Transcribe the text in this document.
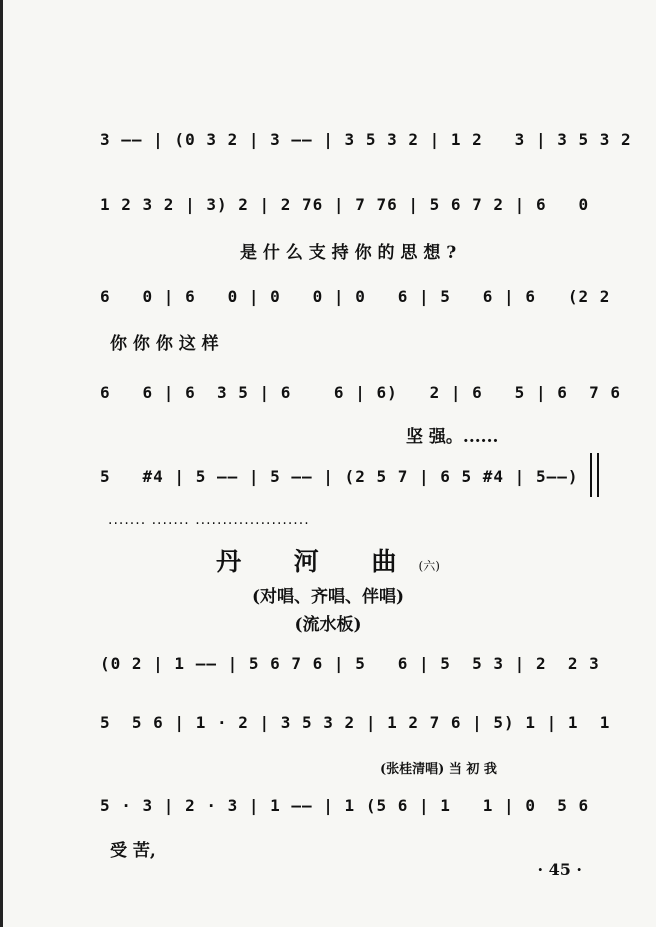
3 —— | (0 3 2 | 3 —— | 3 5 3 2 | 1 2   3 | 3 5 3 2
1 2 3 2 | 3) 2 | 2 76 | 7 76 | 5 6 7 2 | 6   0
是 什 么 支 持 你 的 思 想 ?
6   0 | 6   0 | 0   0 | 0   6 | 5   6 | 6   (2 2
你 你 你 这 样
6   6 | 6  3 5 | 6    6 | 6)   2 | 6   5 | 6  7 6
坚 强。......
5   #4 | 5 —— | 5 —— | (2 5 7 | 6 5 #4 | 5——)
....... ....... .....................
丹 河 曲(六)
(对唱、齐唱、伴唱)
(流水板)
(0 2 | 1 —— | 5 6 7 6 | 5   6 | 5  5 3 | 2  2 3
5  5 6 | 1 · 2 | 3 5 3 2 | 1 2 7 6 | 5) 1 | 1  1
(张桂清唱) 当 初 我
5 · 3 | 2 · 3 | 1 —— | 1 (5 6 | 1   1 | 0  5 6
受 苦,
· 45 ·
